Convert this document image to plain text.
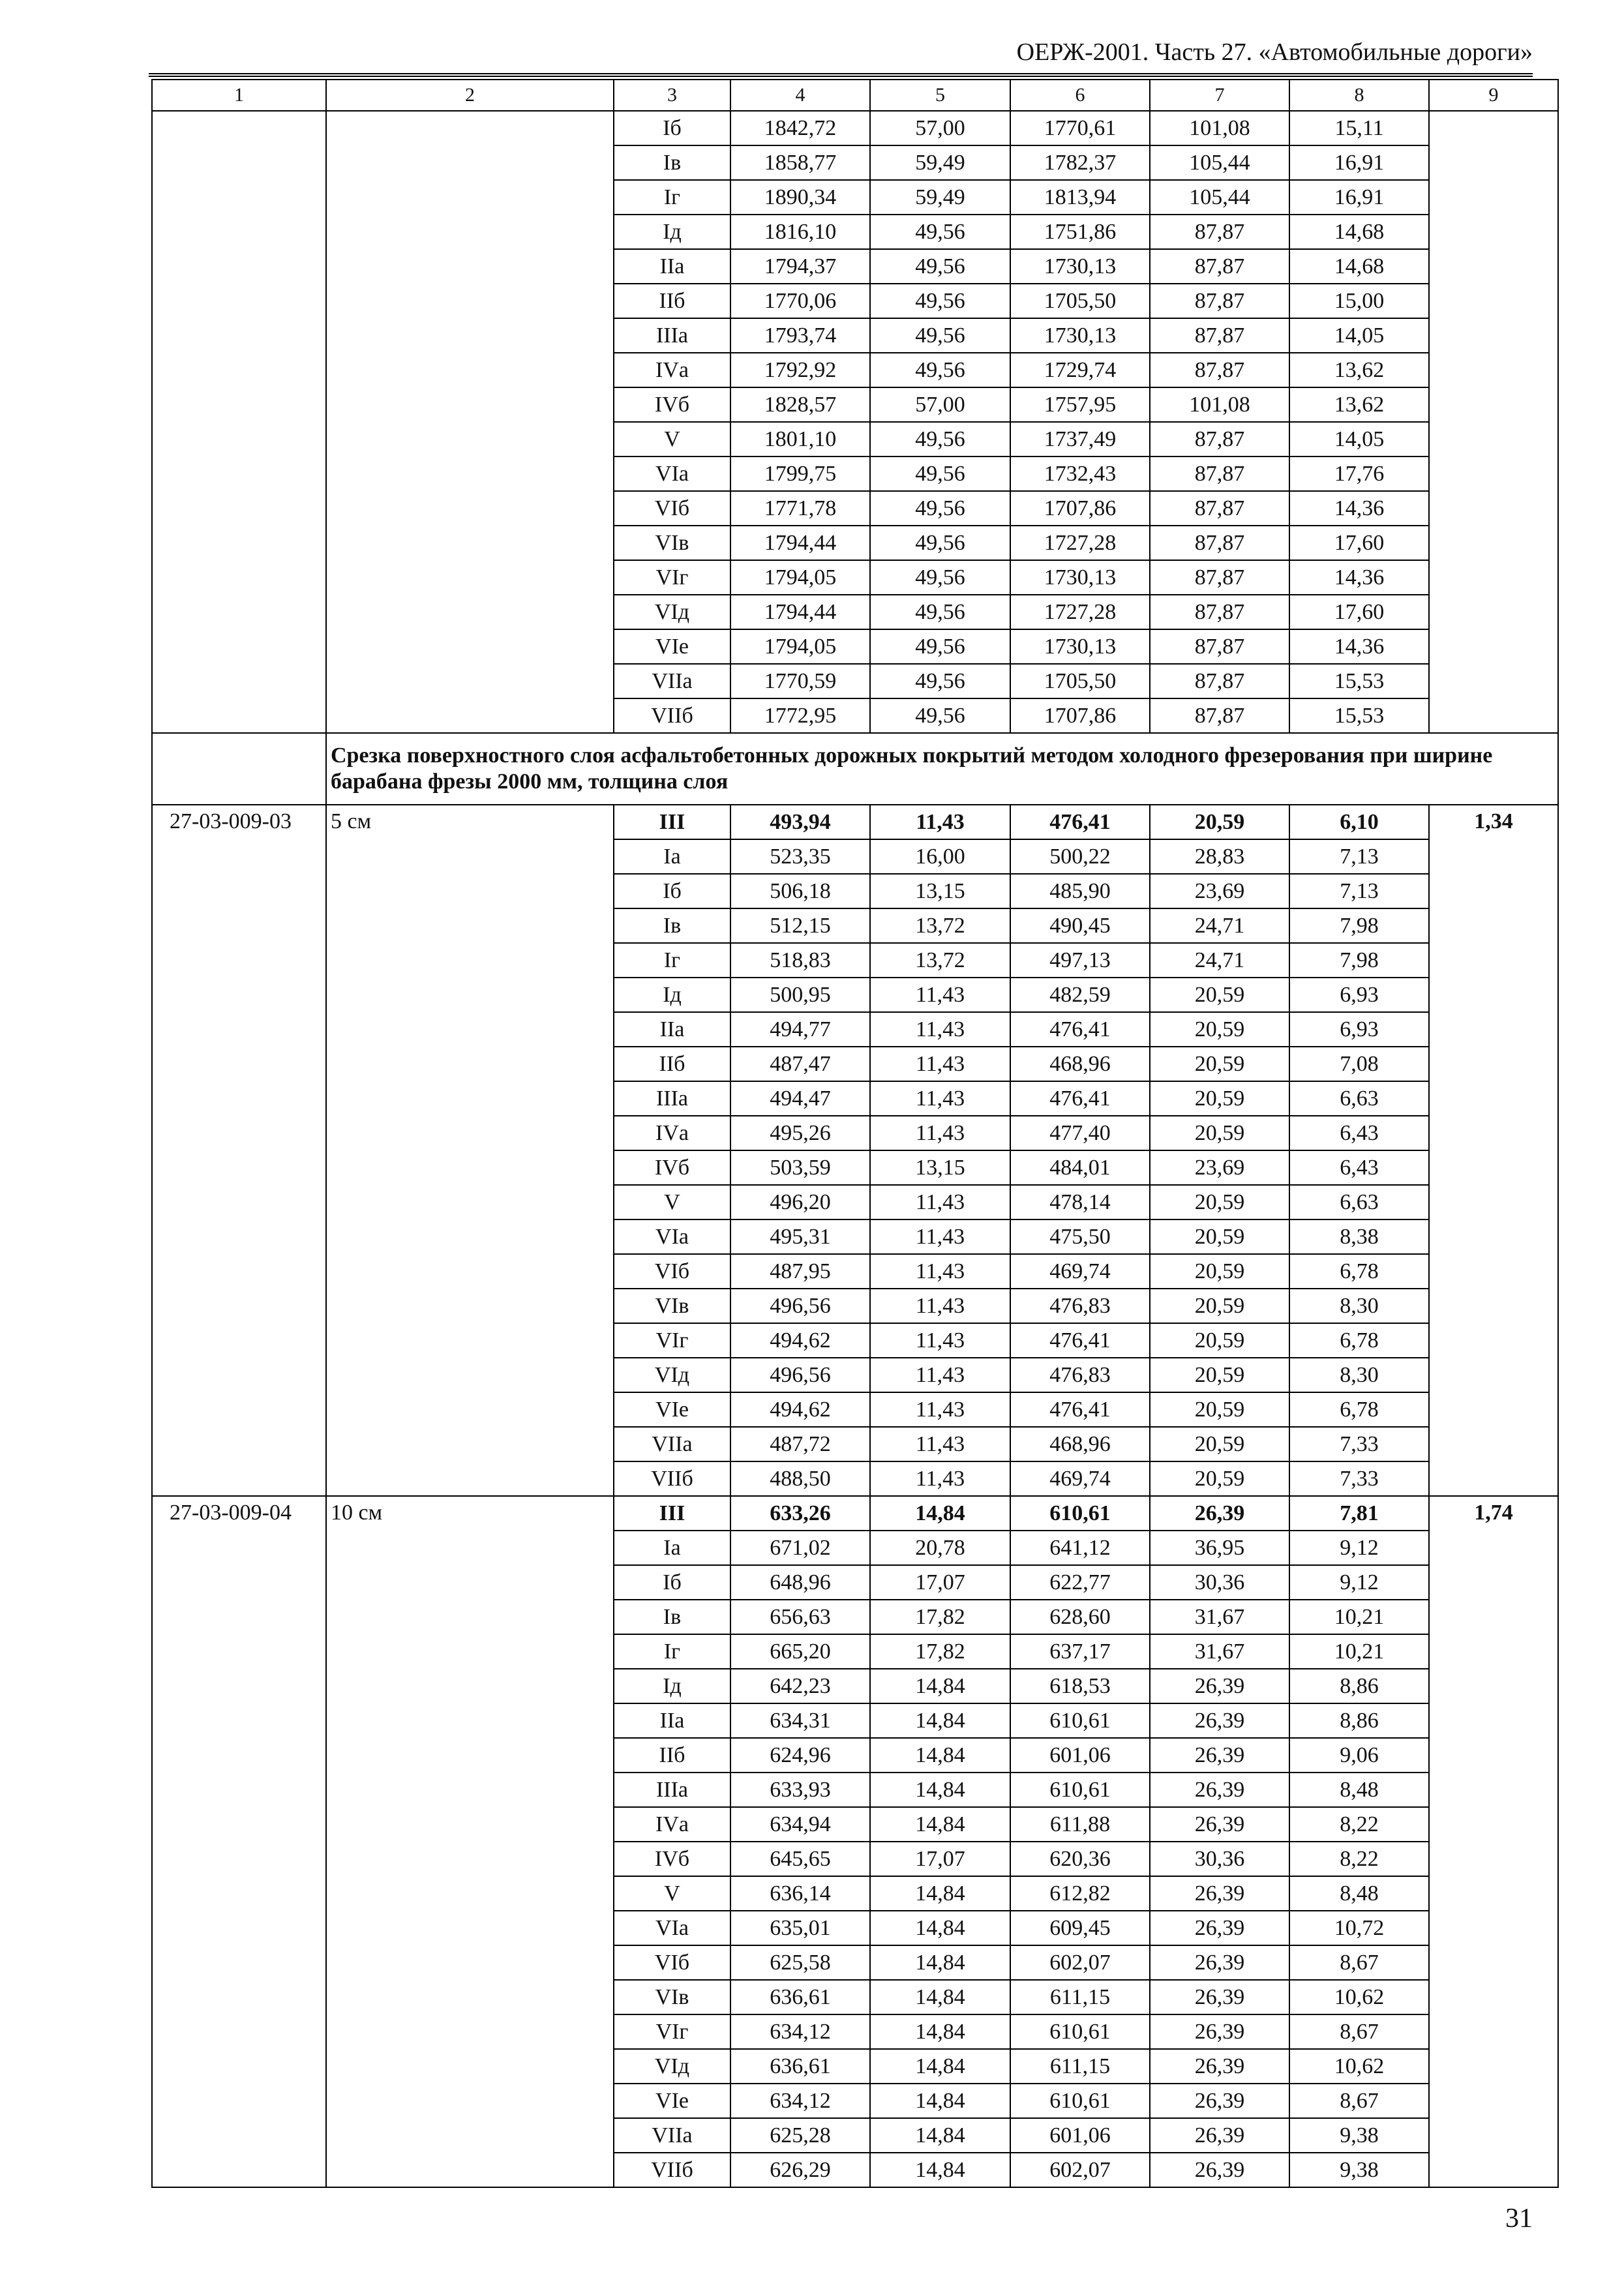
ОЕРЖ-2001. Часть 27. «Автомобильные дороги»
1	2	3	4	5	6	7	8	9
		Iб	1842,72	57,00	1770,61	101,08	15,11	
		Iв	1858,77	59,49	1782,37	105,44	16,91	
		Iг	1890,34	59,49	1813,94	105,44	16,91	
		Iд	1816,10	49,56	1751,86	87,87	14,68	
		IIа	1794,37	49,56	1730,13	87,87	14,68	
		IIб	1770,06	49,56	1705,50	87,87	15,00	
		IIIа	1793,74	49,56	1730,13	87,87	14,05	
		IVа	1792,92	49,56	1729,74	87,87	13,62	
		IVб	1828,57	57,00	1757,95	101,08	13,62	
		V	1801,10	49,56	1737,49	87,87	14,05	
		VIа	1799,75	49,56	1732,43	87,87	17,76	
		VIб	1771,78	49,56	1707,86	87,87	14,36	
		VIв	1794,44	49,56	1727,28	87,87	17,60	
		VIг	1794,05	49,56	1730,13	87,87	14,36	
		VIд	1794,44	49,56	1727,28	87,87	17,60	
		VIе	1794,05	49,56	1730,13	87,87	14,36	
		VIIа	1770,59	49,56	1705,50	87,87	15,53	
		VIIб	1772,95	49,56	1707,86	87,87	15,53	
	Срезка поверхностного слоя асфальтобетонных дорожных покрытий методом холодного фрезерования при ширине барабана фрезы 2000 мм, толщина слоя							
27-03-009-03	5 см	III	493,94	11,43	476,41	20,59	6,10	1,34
		Iа	523,35	16,00	500,22	28,83	7,13	
		Iб	506,18	13,15	485,90	23,69	7,13	
		Iв	512,15	13,72	490,45	24,71	7,98	
		Iг	518,83	13,72	497,13	24,71	7,98	
		Iд	500,95	11,43	482,59	20,59	6,93	
		IIа	494,77	11,43	476,41	20,59	6,93	
		IIб	487,47	11,43	468,96	20,59	7,08	
		IIIа	494,47	11,43	476,41	20,59	6,63	
		IVа	495,26	11,43	477,40	20,59	6,43	
		IVб	503,59	13,15	484,01	23,69	6,43	
		V	496,20	11,43	478,14	20,59	6,63	
		VIа	495,31	11,43	475,50	20,59	8,38	
		VIб	487,95	11,43	469,74	20,59	6,78	
		VIв	496,56	11,43	476,83	20,59	8,30	
		VIг	494,62	11,43	476,41	20,59	6,78	
		VIд	496,56	11,43	476,83	20,59	8,30	
		VIе	494,62	11,43	476,41	20,59	6,78	
		VIIа	487,72	11,43	468,96	20,59	7,33	
		VIIб	488,50	11,43	469,74	20,59	7,33	
27-03-009-04	10 см	III	633,26	14,84	610,61	26,39	7,81	1,74
		Iа	671,02	20,78	641,12	36,95	9,12	
		Iб	648,96	17,07	622,77	30,36	9,12	
		Iв	656,63	17,82	628,60	31,67	10,21	
		Iг	665,20	17,82	637,17	31,67	10,21	
		Iд	642,23	14,84	618,53	26,39	8,86	
		IIа	634,31	14,84	610,61	26,39	8,86	
		IIб	624,96	14,84	601,06	26,39	9,06	
		IIIа	633,93	14,84	610,61	26,39	8,48	
		IVа	634,94	14,84	611,88	26,39	8,22	
		IVб	645,65	17,07	620,36	30,36	8,22	
		V	636,14	14,84	612,82	26,39	8,48	
		VIа	635,01	14,84	609,45	26,39	10,72	
		VIб	625,58	14,84	602,07	26,39	8,67	
		VIв	636,61	14,84	611,15	26,39	10,62	
		VIг	634,12	14,84	610,61	26,39	8,67	
		VIд	636,61	14,84	611,15	26,39	10,62	
		VIе	634,12	14,84	610,61	26,39	8,67	
		VIIа	625,28	14,84	601,06	26,39	9,38	
		VIIб	626,29	14,84	602,07	26,39	9,38	
31
